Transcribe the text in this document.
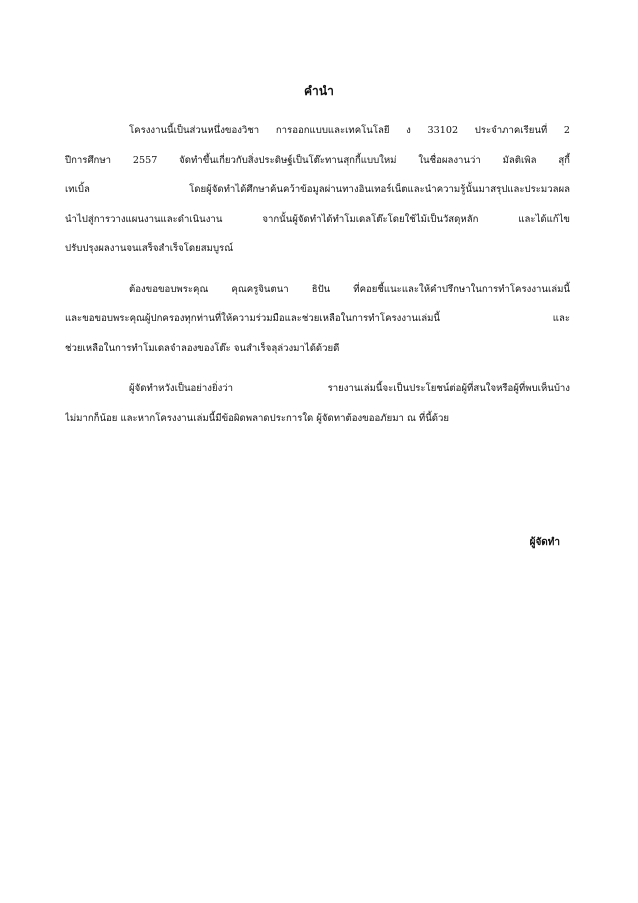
คำนำ
โครงงานนี้เป็นส่วนหนึ่งของวิชา การออกแบบและเทคโนโลยี ง 33102 ประจำภาคเรียนที่ 2
ปีการศึกษา 2557 จัดทำขึ้นเกี่ยวกับสิ่งประดิษฐ์เป็นโต๊ะทานสุกกี้แบบใหม่ ในชื่อผลงานว่า มัลติเพิล สุกี้
เทเบิ้ล โดยผู้จัดทำได้ศึกษาค้นคว้าข้อมูลผ่านทางอินเทอร์เน็ตและนำความรู้นั้นมาสรุปและประมวลผล
นำไปสู่การวางแผนงานและดำเนินงาน จากนั้นผู้จัดทำได้ทำโมเดลโต๊ะโดยใช้ไม้เป็นวัสดุหลัก และได้แก้ไข
ปรับปรุงผลงานจนเสร็จสำเร็จโดยสมบูรณ์
ต้องขอขอบพระคุณ คุณครูจินตนา ธิปัน ที่คอยชี้แนะและให้คำปรึกษาในการทำโครงงานเล่มนี้
และขอขอบพระคุณผู้ปกครองทุกท่านที่ให้ความร่วมมือและช่วยเหลือในการทำโครงงานเล่มนี้ และ
ช่วยเหลือในการทำโมเดลจำลองของโต๊ะ จนสำเร็จลุล่วงมาได้ด้วยดี
ผู้จัดทำหวังเป็นอย่างยิ่งว่า รายงานเล่มนี้จะเป็นประโยชน์ต่อผู้ที่สนใจหรือผู้ที่พบเห็นบ้าง
ไม่มากก็น้อย และหากโครงงานเล่มนี้มีข้อผิดพลาดประการใด ผู้จัดทาต้องขออภัยมา ณ ที่นี้ด้วย
ผู้จัดทำ
